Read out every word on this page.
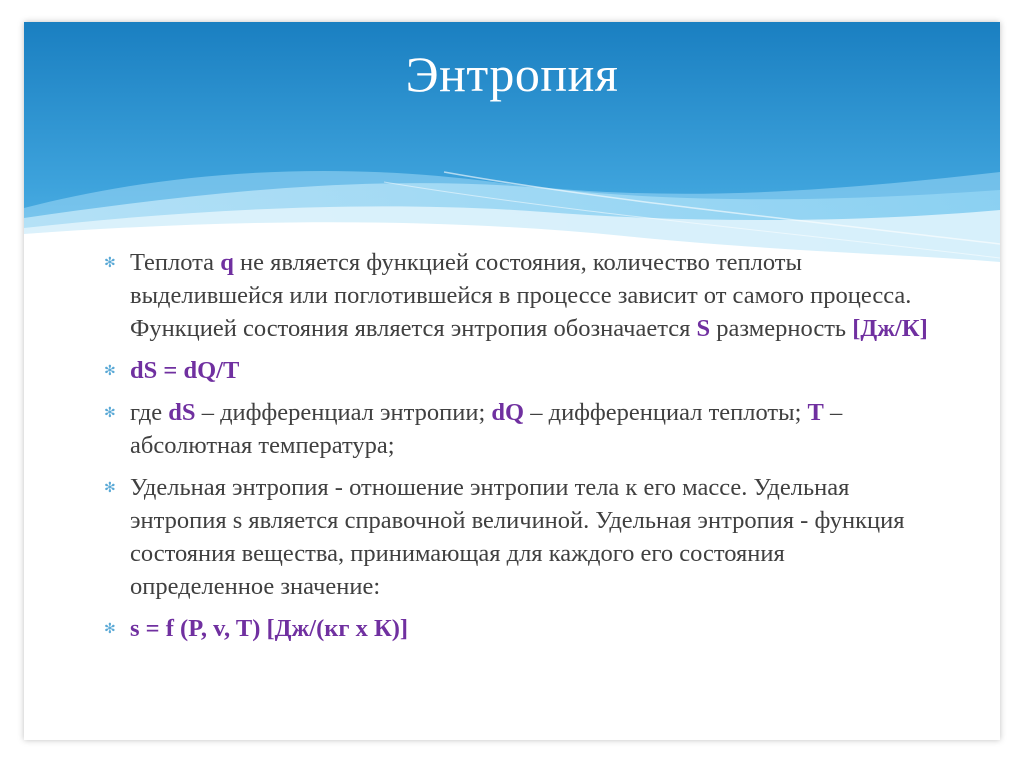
Энтропия
✻ Теплота q не является функцией состояния, количество теплоты выделившейся или поглотившейся в процессе зависит от самого процесса. Функцией состояния является энтропия обозначается S размерность [Дж/К]
✻ dS = dQ/T
✻ где dS – дифференциал энтропии; dQ – дифференциал теплоты; T – абсолютная температура;
✻ Удельная энтропия - отношение энтропии тела к его массе. Удельная энтропия s является справочной величиной. Удельная энтропия - функция состояния вещества, принимающая для каждого его состояния определенное значение:
✻ s = f (P, v, T) [Дж/(кг x К)]
